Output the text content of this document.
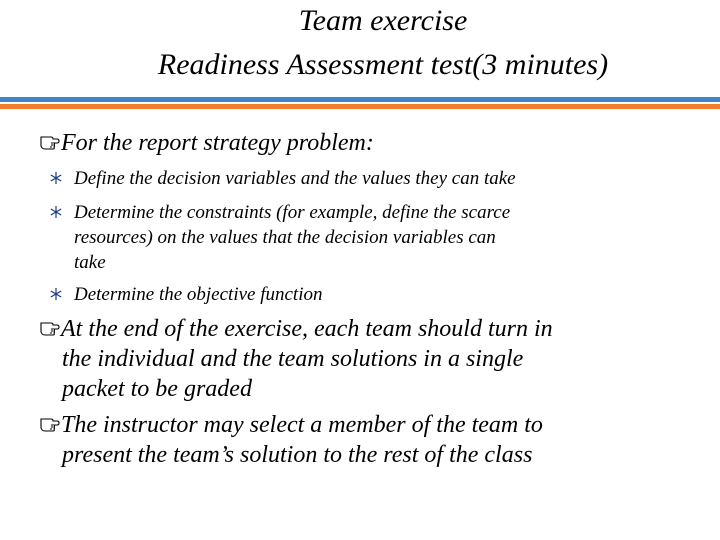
Team exercise
Readiness Assessment test(3 minutes)
For the report strategy problem:
Define the decision variables and the values they can take
Determine the constraints (for example, define the scarce
resources) on the values that the decision variables can
take
Determine the objective function
At the end of the exercise, each team should turn in
the individual and the team solutions in a single
packet to be graded
The instructor may select a member of the team to
present the team’s solution to the rest of the class
